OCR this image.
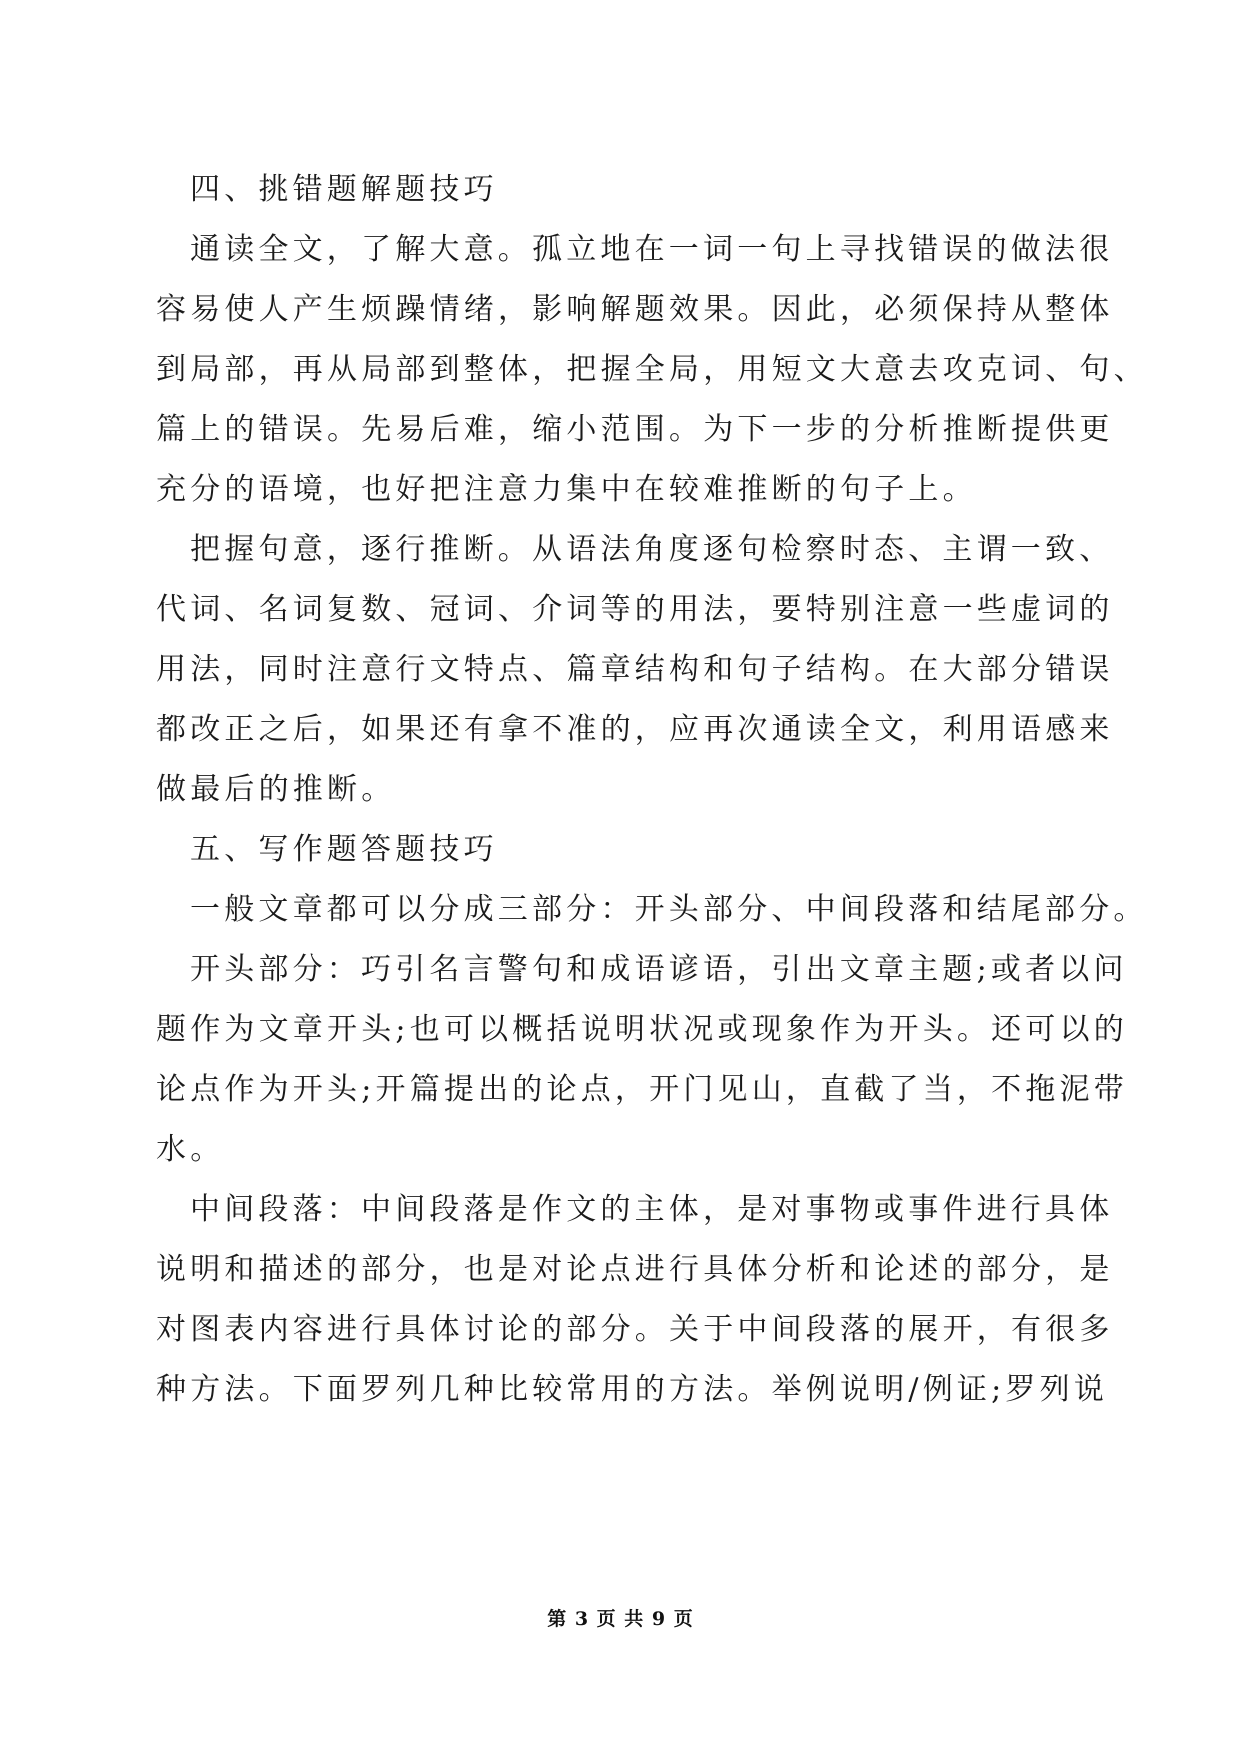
四、挑错题解题技巧
通读全文，了解大意。孤立地在一词一句上寻找错误的做法很
容易使人产生烦躁情绪，影响解题效果。因此，必须保持从整体
到局部，再从局部到整体，把握全局，用短文大意去攻克词、句、
篇上的错误。先易后难，缩小范围。为下一步的分析推断提供更
充分的语境，也好把注意力集中在较难推断的句子上。
把握句意，逐行推断。从语法角度逐句检察时态、主谓一致、
代词、名词复数、冠词、介词等的用法，要特别注意一些虚词的
用法，同时注意行文特点、篇章结构和句子结构。在大部分错误
都改正之后，如果还有拿不准的，应再次通读全文，利用语感来
做最后的推断。
五、写作题答题技巧
一般文章都可以分成三部分：开头部分、中间段落和结尾部分。
开头部分：巧引名言警句和成语谚语，引出文章主题;或者以问
题作为文章开头;也可以概括说明状况或现象作为开头。还可以的
论点作为开头;开篇提出的论点，开门见山，直截了当，不拖泥带
水。
中间段落：中间段落是作文的主体，是对事物或事件进行具体
说明和描述的部分，也是对论点进行具体分析和论述的部分，是
对图表内容进行具体讨论的部分。关于中间段落的展开，有很多
种方法。下面罗列几种比较常用的方法。举例说明/例证;罗列说
第 3 页 共 9 页
